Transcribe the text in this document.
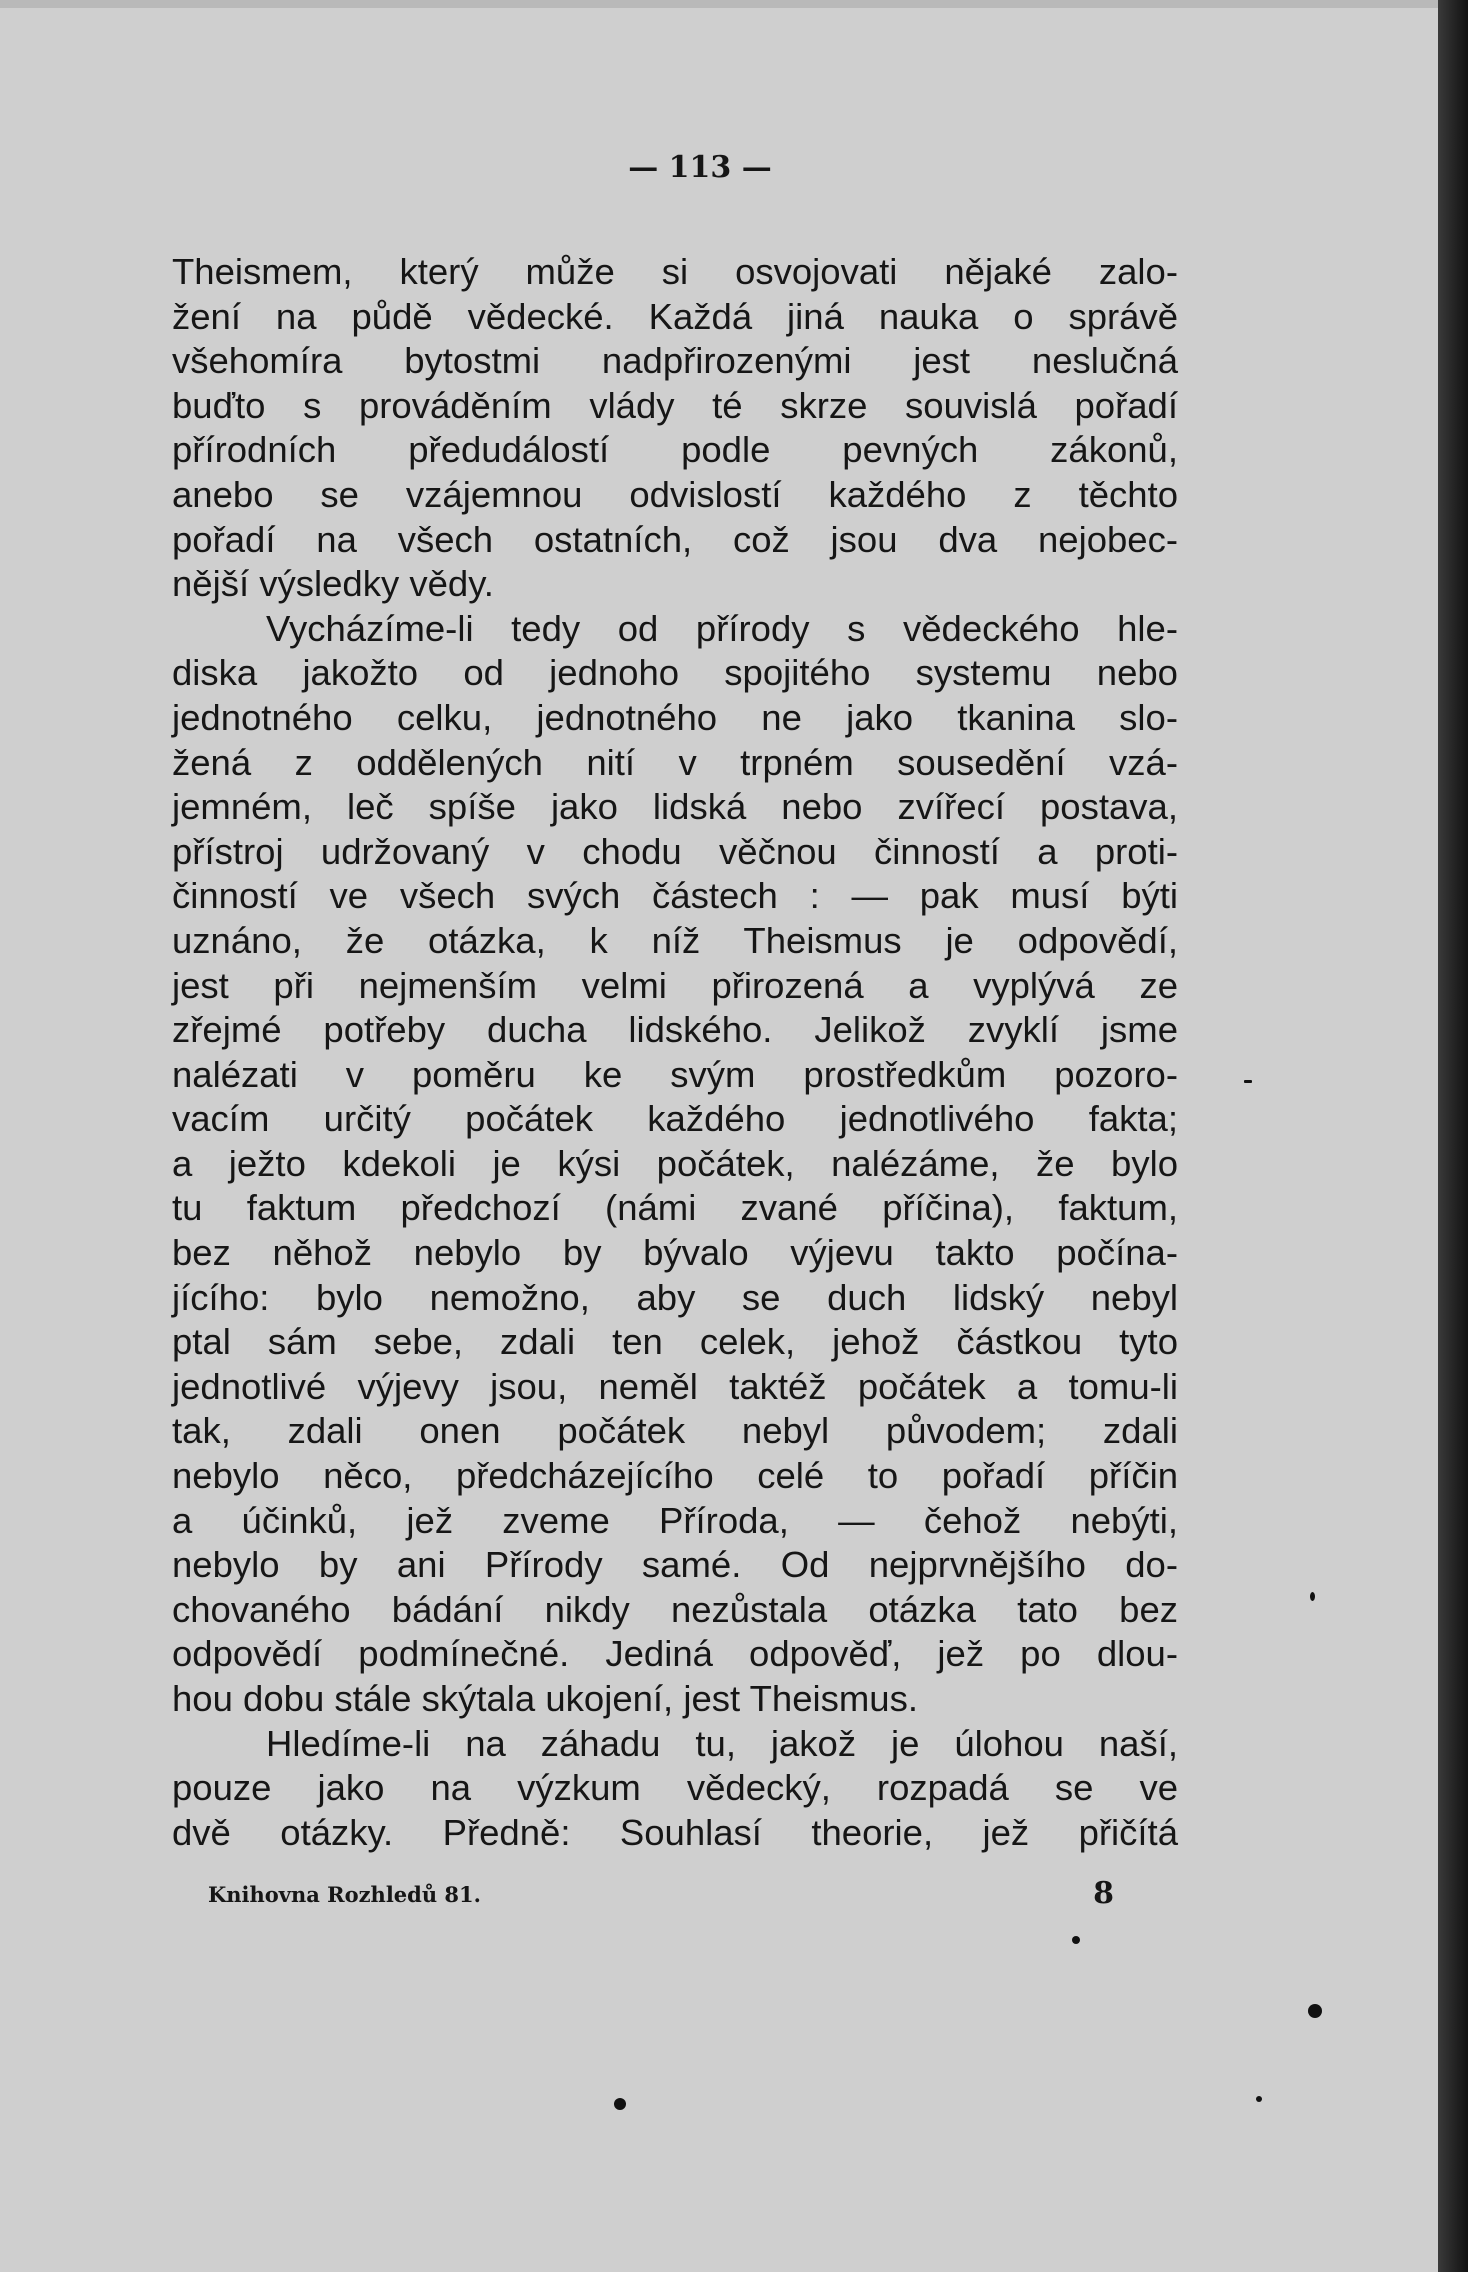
— 113 —
Theismem, který může si osvojovati nějaké zalo-
žení na půdě vědecké. Každá jiná nauka o správě
všehomíra bytostmi nadpřirozenými jest neslučná
buďto s prováděním vlády té skrze souvislá pořadí
přírodních předudálostí podle pevných zákonů,
anebo se vzájemnou odvislostí každého z těchto
pořadí na všech ostatních, což jsou dva nejobec-
nější výsledky vědy.
Vycházíme-li tedy od přírody s vědeckého hle-
diska jakožto od jednoho spojitého systemu nebo
jednotného celku, jednotného ne jako tkanina slo-
žená z oddělených nití v trpném sousedění vzá-
jemném, leč spíše jako lidská nebo zvířecí postava,
přístroj udržovaný v chodu věčnou činností a proti-
činností ve všech svých částech : — pak musí býti
uznáno, že otázka, k níž Theismus je odpovědí,
jest při nejmenším velmi přirozená a vyplývá ze
zřejmé potřeby ducha lidského. Jelikož zvyklí jsme
nalézati v poměru ke svým prostředkům pozoro-
vacím určitý počátek každého jednotlivého fakta;
a ježto kdekoli je kýsi počátek, nalézáme, že bylo
tu faktum předchozí (námi zvané příčina), faktum,
bez něhož nebylo by bývalo výjevu takto počína-
jícího: bylo nemožno, aby se duch lidský nebyl
ptal sám sebe, zdali ten celek, jehož částkou tyto
jednotlivé výjevy jsou, neměl taktéž počátek a tomu-li
tak, zdali onen počátek nebyl původem; zdali
nebylo něco, předcházejícího celé to pořadí příčin
a účinků, jež zveme Příroda, — čehož nebýti,
nebylo by ani Přírody samé. Od nejprvnějšího do-
chovaného bádání nikdy nezůstala otázka tato bez
odpovědí podmínečné. Jediná odpověď, jež po dlou-
hou dobu stále skýtala ukojení, jest Theismus.
Hledíme-li na záhadu tu, jakož je úlohou naší,
pouze jako na výzkum vědecký, rozpadá se ve
dvě otázky. Předně: Souhlasí theorie, jež přičítá
Knihovna Rozhledů 81.	8
